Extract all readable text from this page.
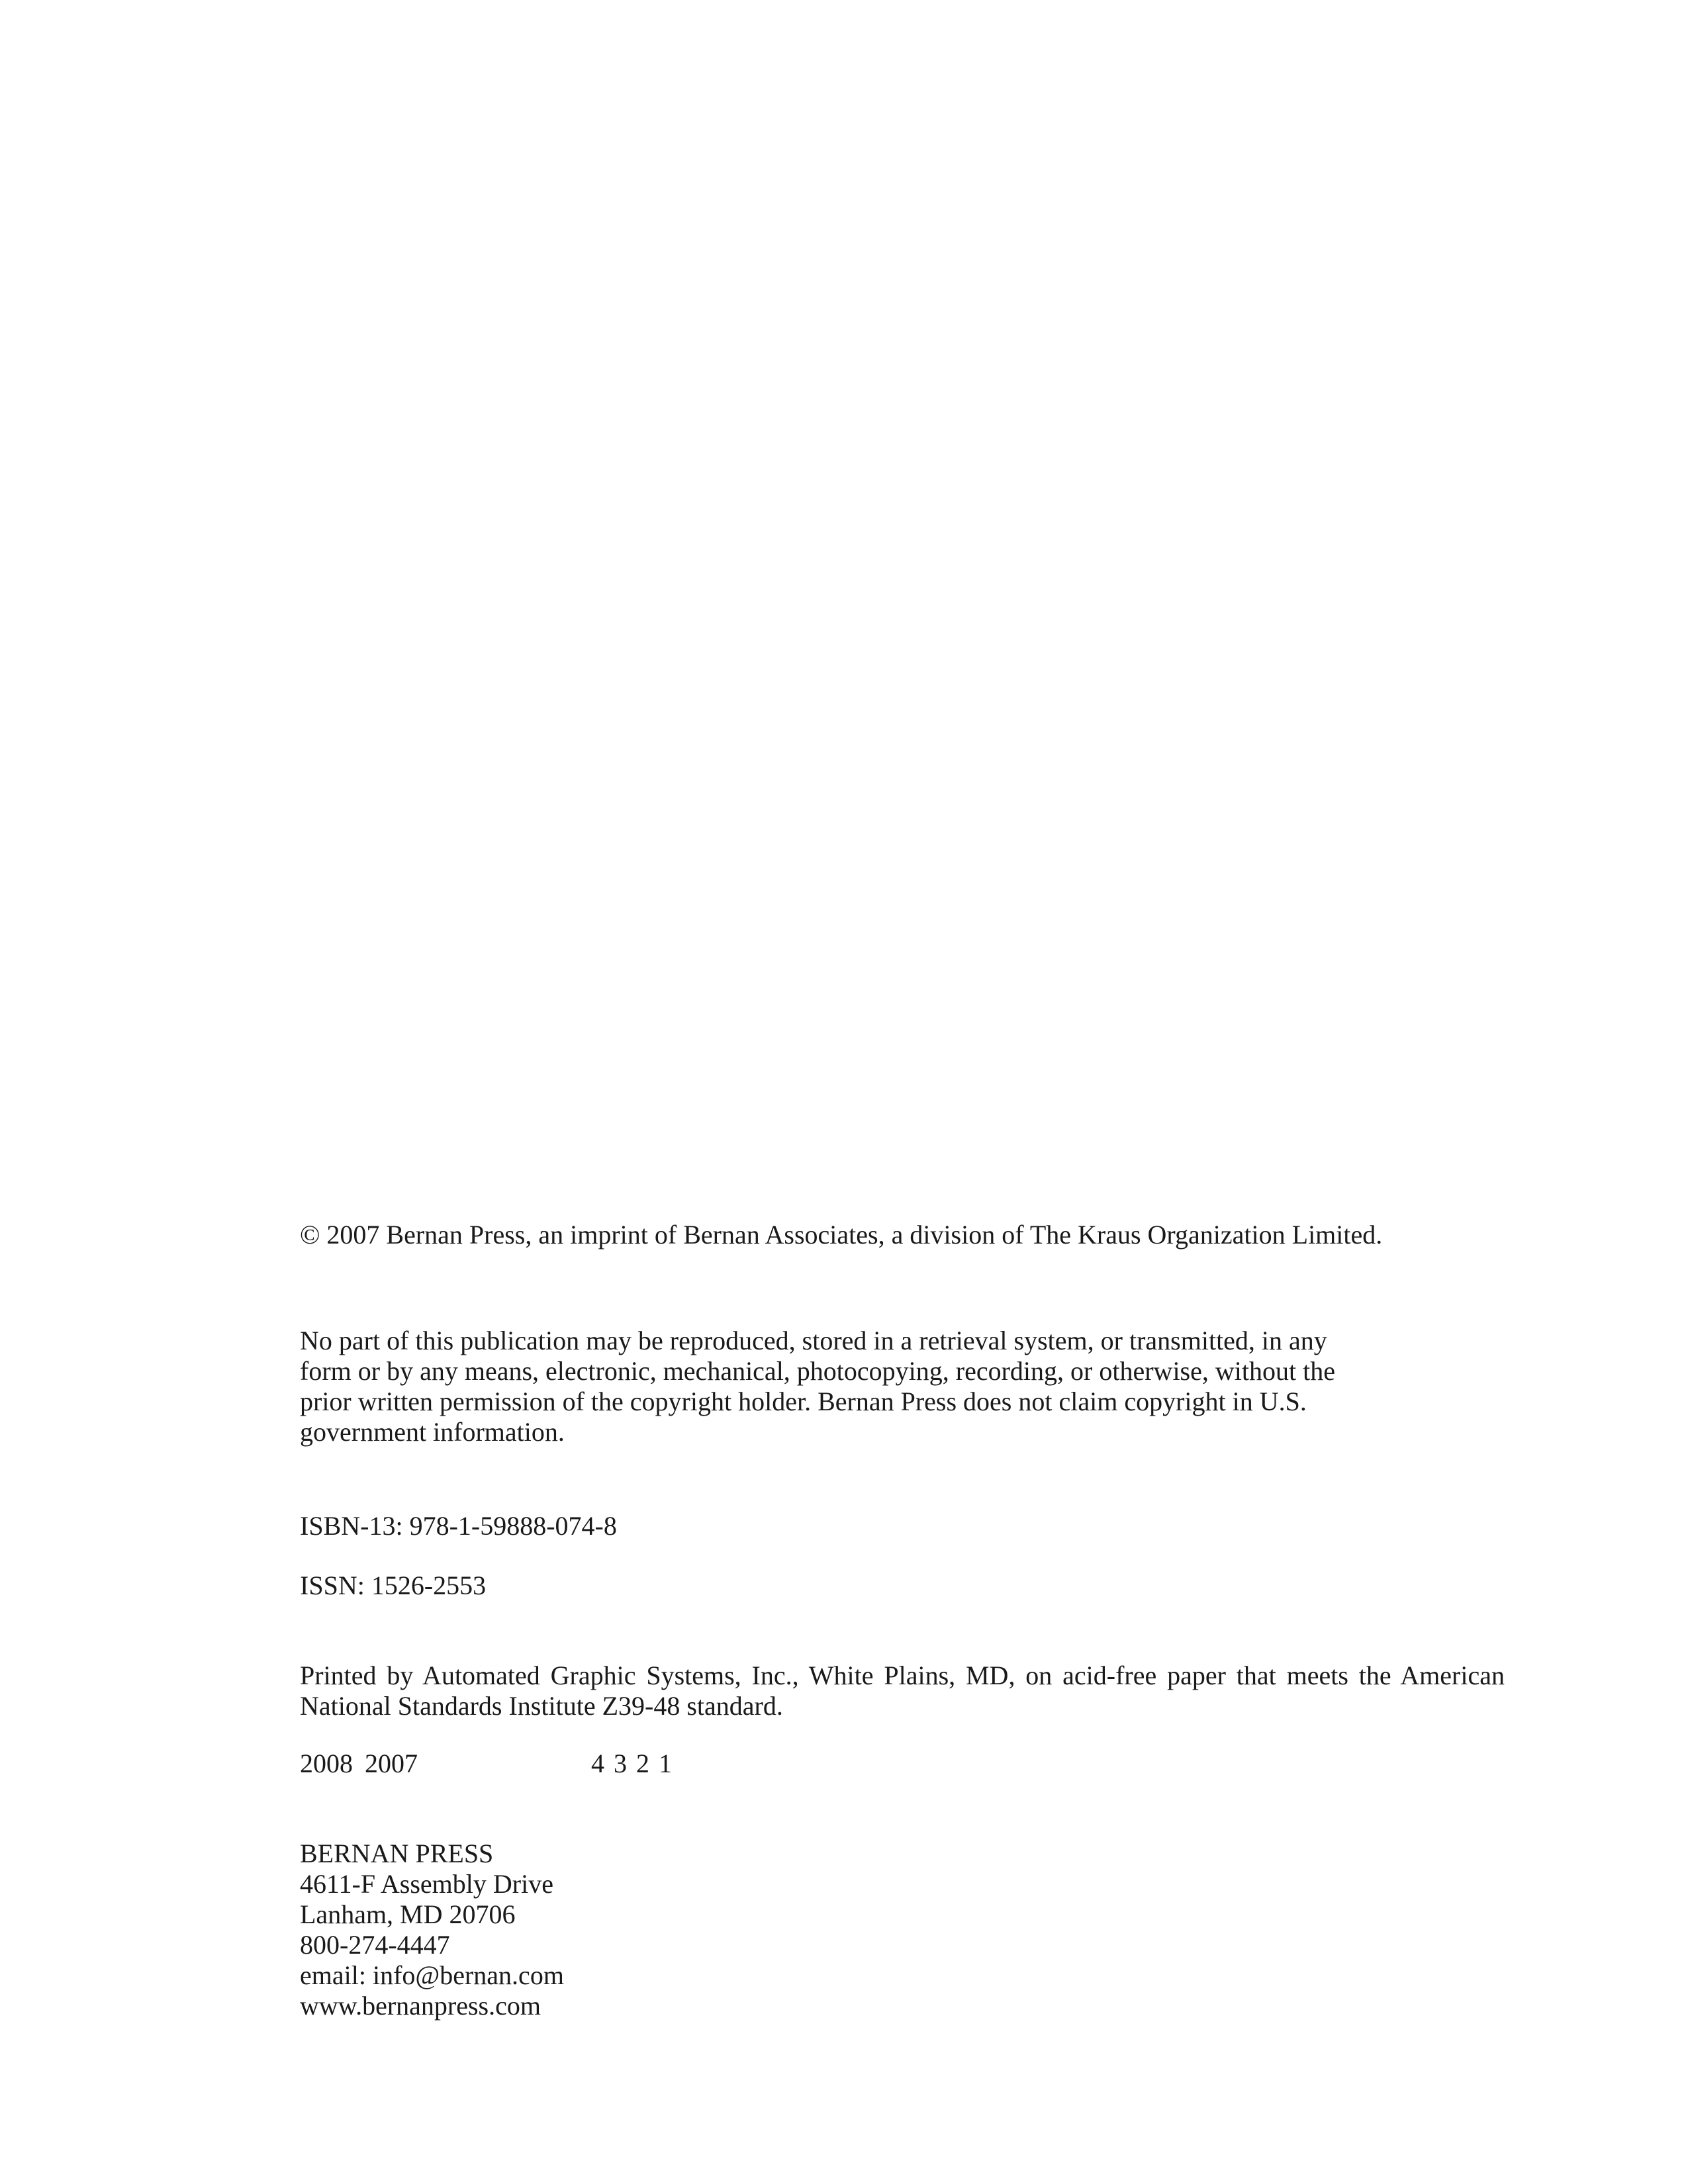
© 2007 Bernan Press, an imprint of Bernan Associates, a division of The Kraus Organization Limited.

No part of this publication may be reproduced, stored in a retrieval system, or transmitted, in any
form or by any means, electronic, mechanical, photocopying, recording, or otherwise, without the
prior written permission of the copyright holder. Bernan Press does not claim copyright in U.S.
government information.

ISBN-13: 978-1-59888-074-8

ISSN: 1526-2553

Printed by Automated Graphic Systems, Inc., White Plains, MD, on acid-free paper that meets the American National Standards Institute Z39-48 standard.

2008 2007	4 3 2 1

BERNAN PRESS
4611-F Assembly Drive
Lanham, MD 20706
800-274-4447
email: info@bernan.com
www.bernanpress.com
